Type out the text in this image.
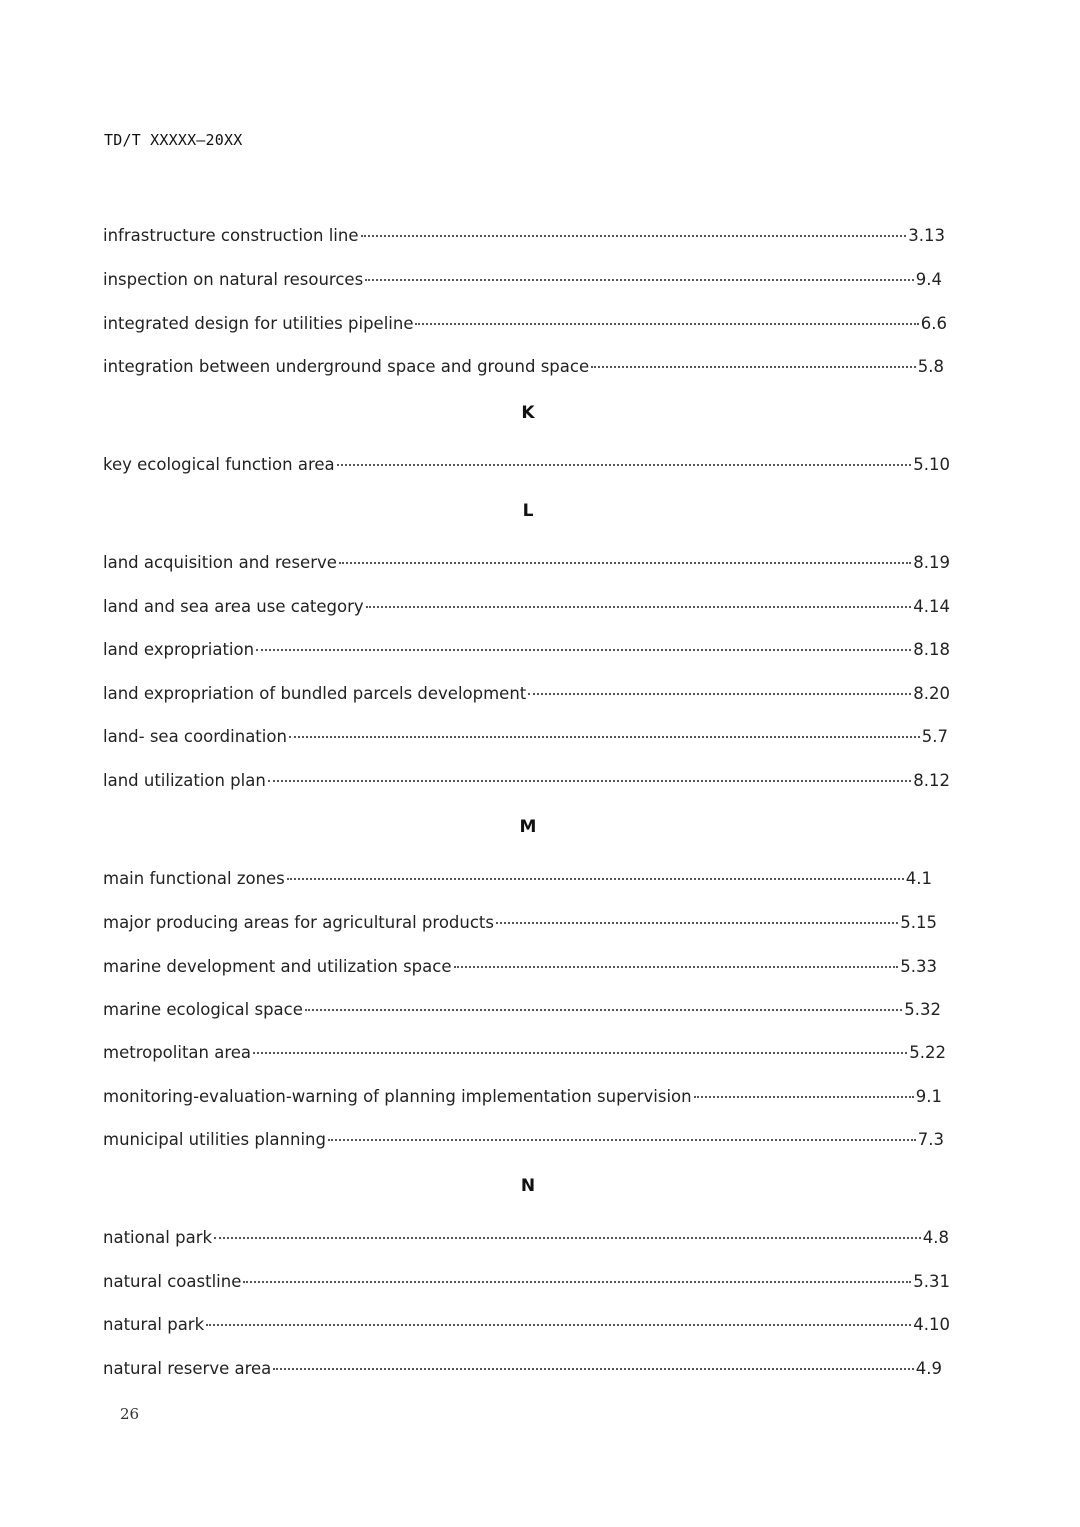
TD/T XXXXX—20XX
infrastructure construction line	3.13
inspection on natural resources	9.4
integrated design for utilities pipeline	6.6
integration between underground space and ground space	5.8
K
key ecological function area	5.10
L
land acquisition and reserve	8.19
land and sea area use category	4.14
land expropriation	8.18
land expropriation of bundled parcels development	8.20
land- sea coordination	5.7
land utilization plan	8.12
M
main functional zones	4.1
major producing areas for agricultural products	5.15
marine development and utilization space	5.33
marine ecological space	5.32
metropolitan area	5.22
monitoring-evaluation-warning of planning implementation supervision	9.1
municipal utilities planning	7.3
N
national park	4.8
natural coastline	5.31
natural park	4.10
natural reserve area	4.9
26
